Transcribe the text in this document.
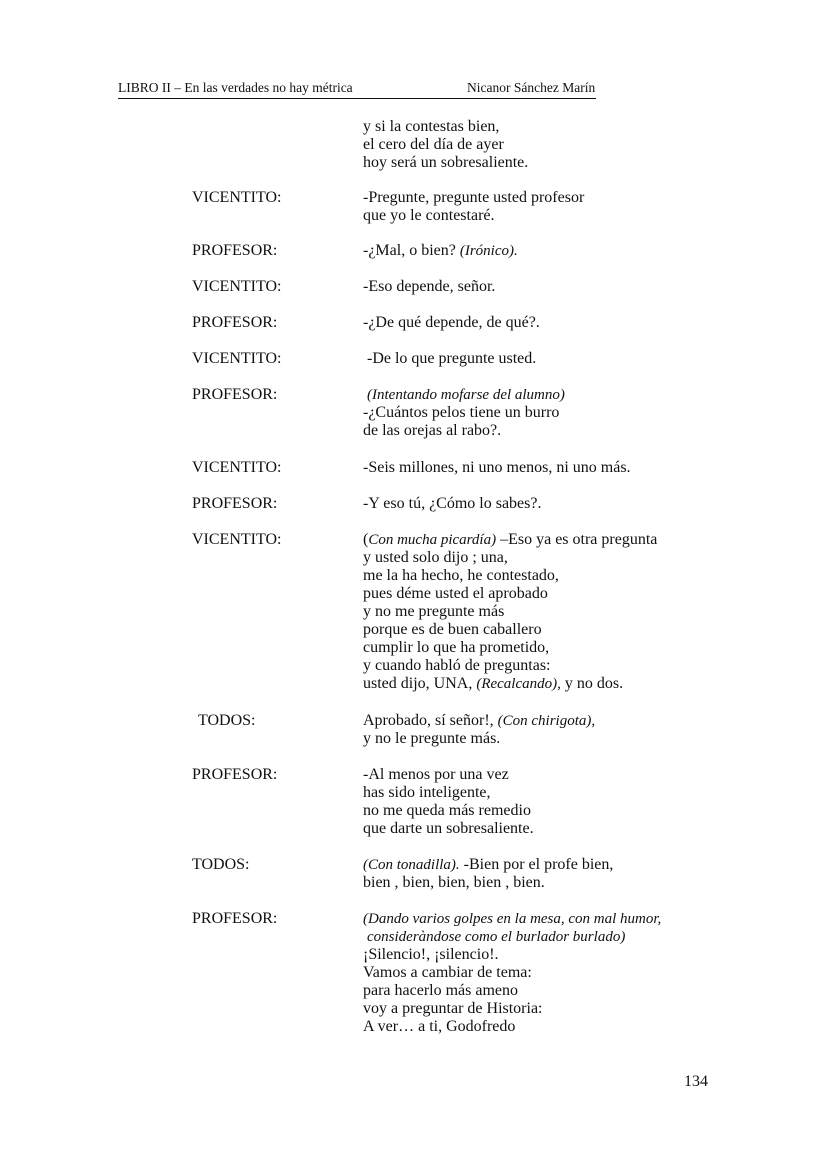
LIBRO II – En las verdades no hay métrica	Nicanor Sánchez Marín
y si la contestas bien,
el cero del día de ayer
hoy será un sobresaliente.
VICENTITO:	-Pregunte, pregunte usted profesor
que yo le contestaré.
PROFESOR:	-¿Mal, o bien? (Irónico).
VICENTITO:	-Eso depende, señor.
PROFESOR:	-¿De qué depende, de qué?.
VICENTITO:	-De lo que pregunte usted.
PROFESOR:	(Intentando mofarse del alumno)
-¿Cuántos pelos tiene un burro
de las orejas al rabo?.
VICENTITO:	-Seis millones, ni uno menos, ni uno más.
PROFESOR:	-Y eso tú, ¿Cómo lo sabes?.
VICENTITO:	(Con mucha picardía) –Eso ya es otra pregunta
y usted solo dijo ; una,
me la ha hecho, he contestado,
pues déme usted el aprobado
y no me pregunte más
porque es de buen caballero
cumplir lo que ha prometido,
y cuando habló de preguntas:
usted dijo, UNA, (Recalcando), y no dos.
TODOS:	Aprobado, sí señor!, (Con chirigota),
y no le pregunte más.
PROFESOR:	-Al menos por una vez
has sido inteligente,
no me queda más remedio
que darte un sobresaliente.
TODOS:	(Con tonadilla). -Bien por el profe bien,
bien , bien, bien, bien , bien.
PROFESOR:	(Dando varios golpes en la mesa, con mal humor,
consideràndose como el burlador burlado)
¡Silencio!, ¡silencio!.
Vamos a cambiar de tema:
para hacerlo más ameno
voy a preguntar de Historia:
A ver… a ti, Godofredo
134
